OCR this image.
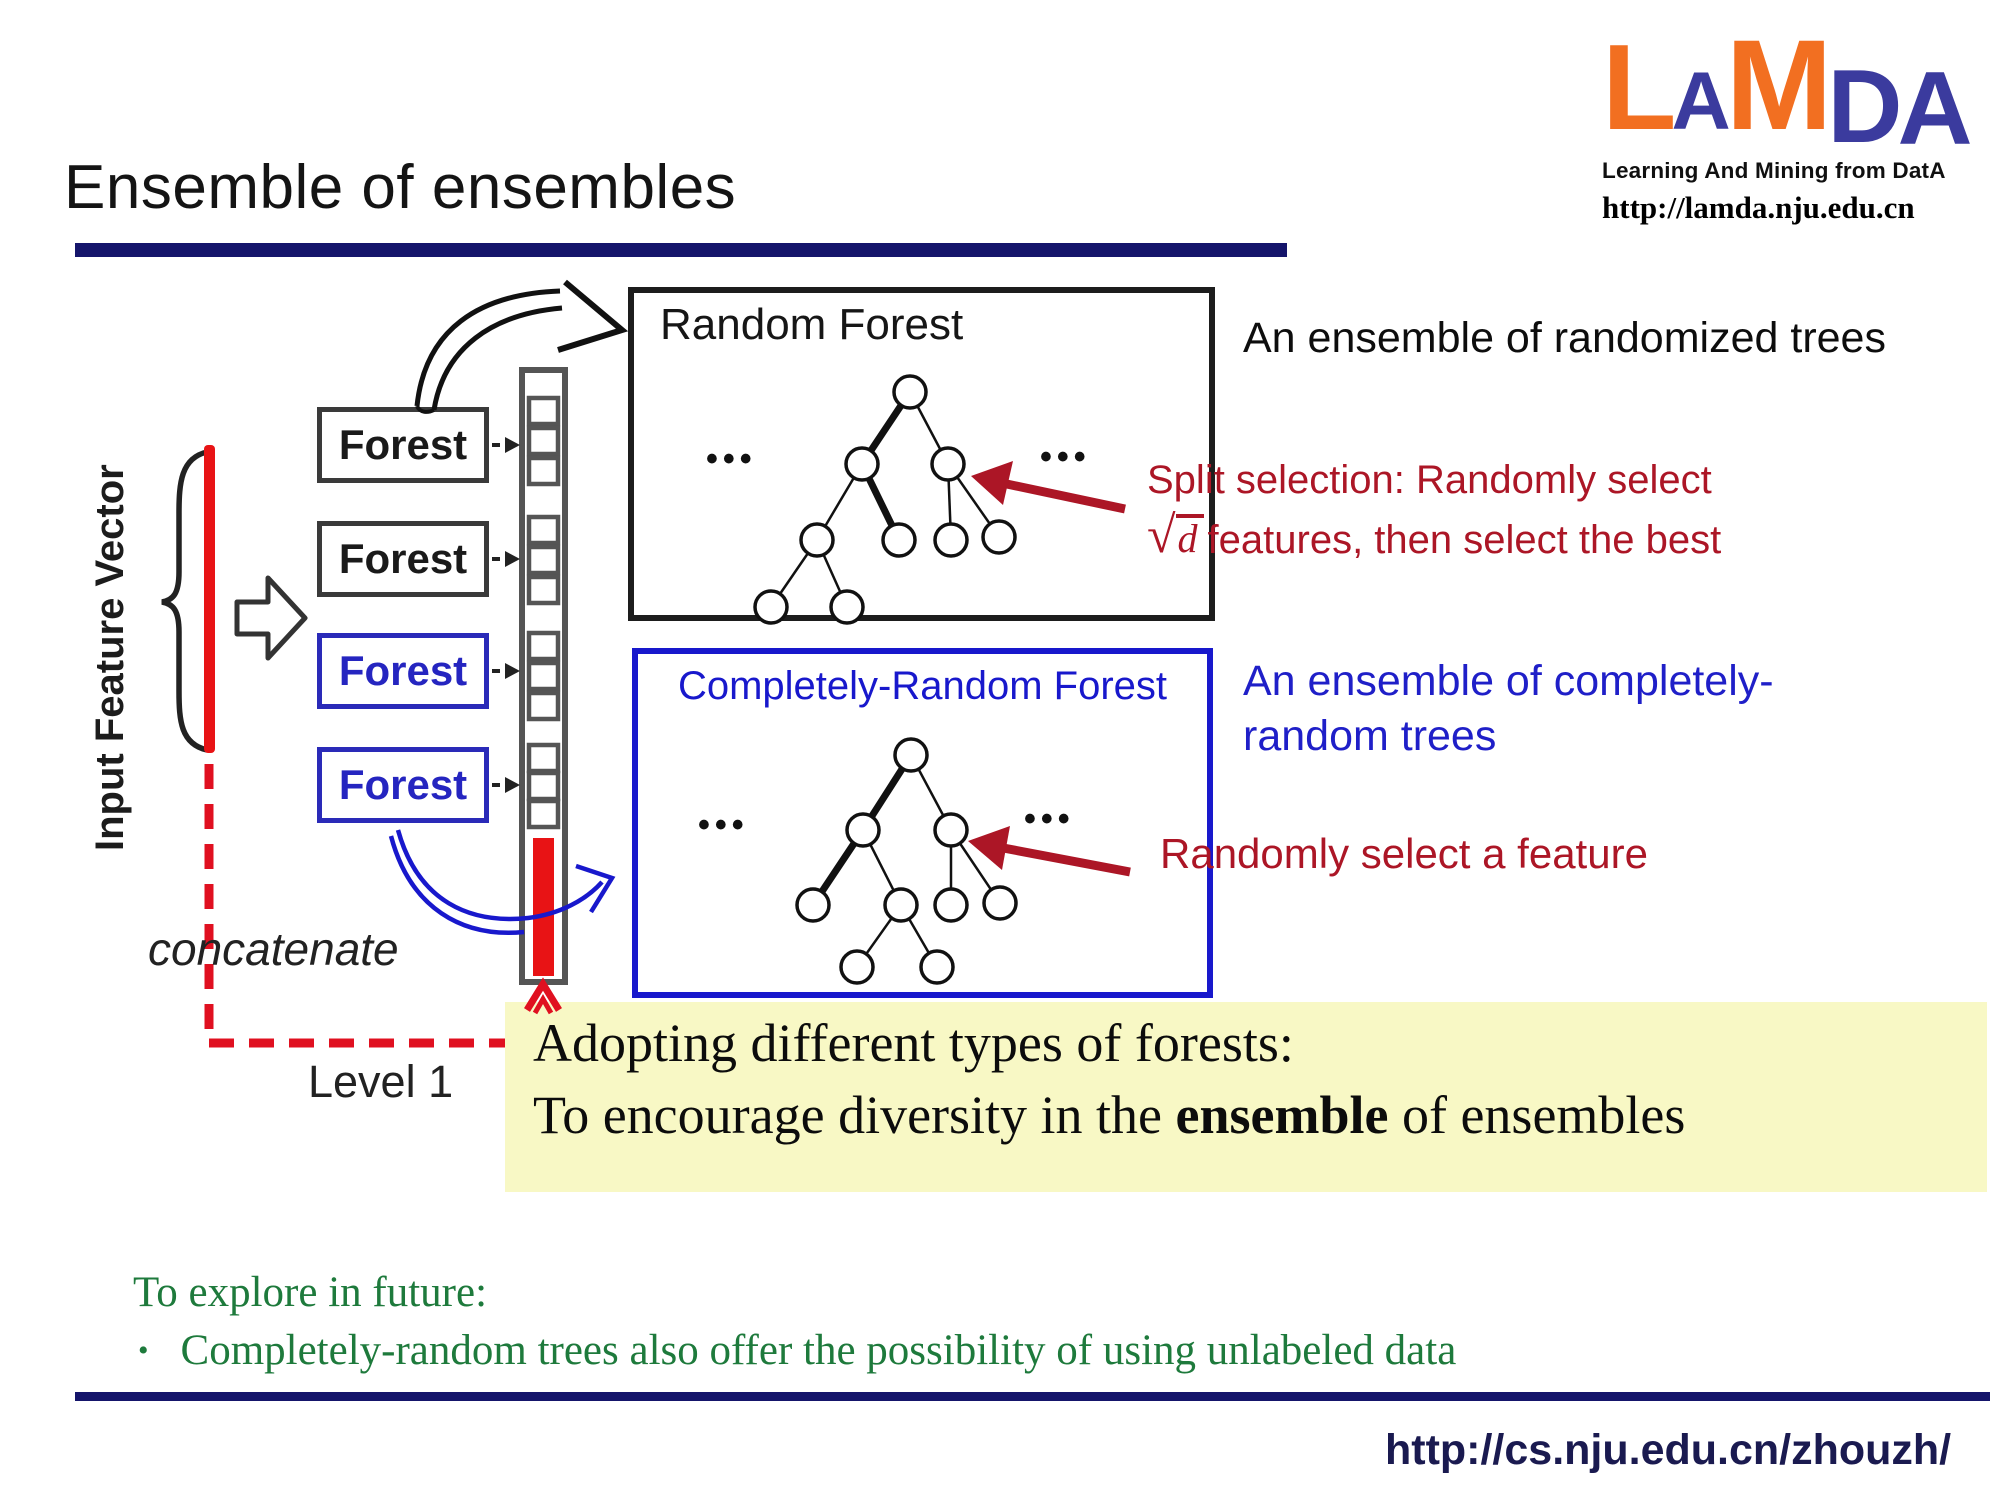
Ensemble of ensembles
L A M D A
Learning And Mining from DatA
http://lamda.nju.edu.cn
Forest
Forest
Forest
Forest
Adopting different types of forests:
To encourage diversity in the ensemble of ensembles
Input Feature Vector
concatenate
Level 1
Random Forest
•••	•••
Completely-Random Forest
•••	•••
An ensemble of randomized trees
Split selection: Randomly select
√ d features, then select the best
An ensemble of completely-
random trees
Randomly select a feature
To explore in future:
• Completely-random trees also offer the possibility of using unlabeled data
http://cs.nju.edu.cn/zhouzh/
